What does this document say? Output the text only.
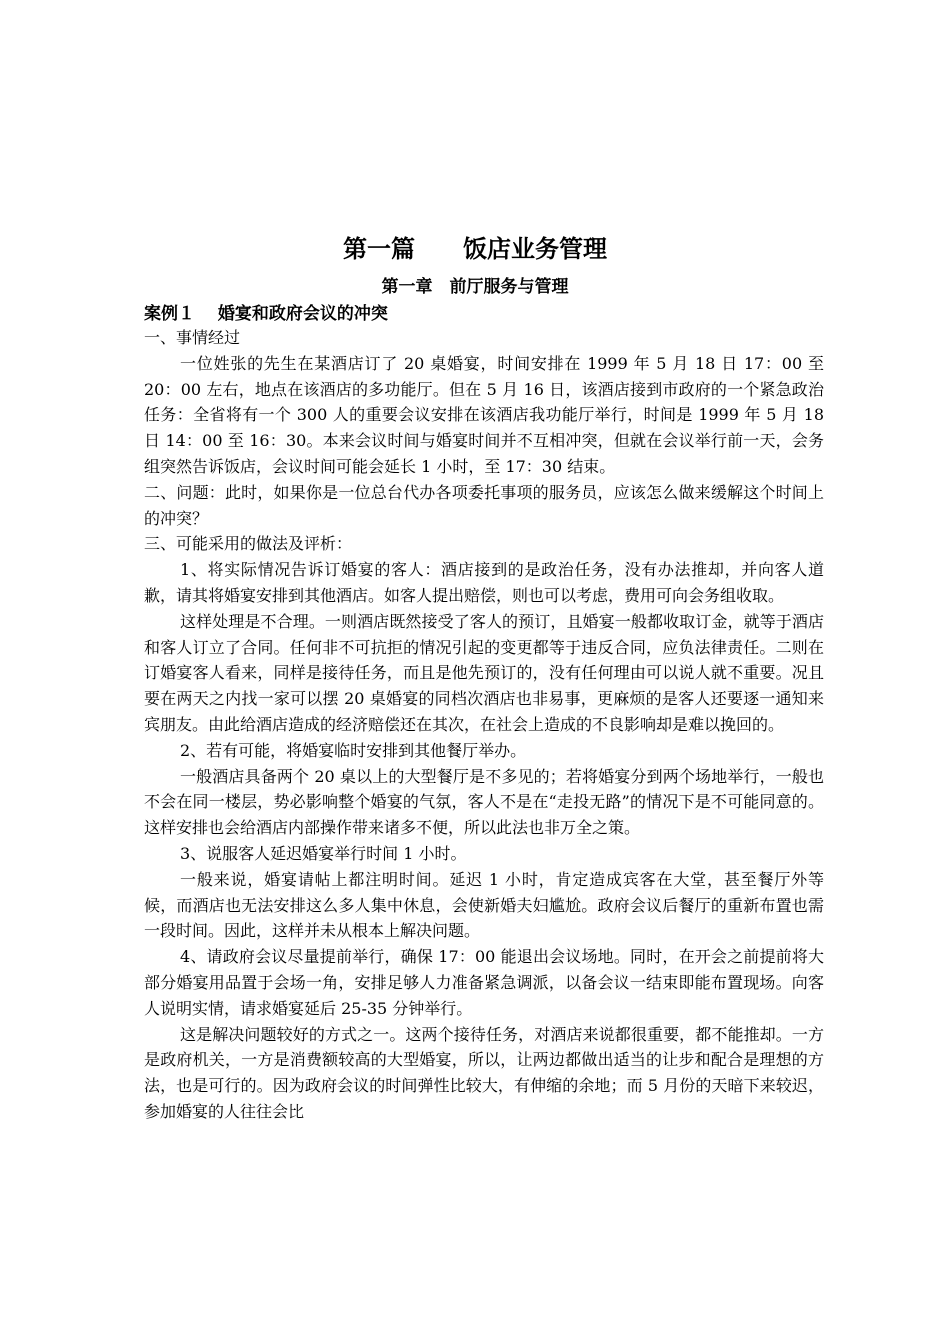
第一篇　　饭店业务管理
第一章　前厅服务与管理
案例１　 婚宴和政府会议的冲突

一、事情经过

一位姓张的先生在某酒店订了 20 桌婚宴，时间安排在 1999 年 5 月 18 日 17：00 至 20：00 左右，地点在该酒店的多功能厅。但在 5 月 16 日，该酒店接到市政府的一个紧急政治任务：全省将有一个 300 人的重要会议安排在该酒店我功能厅举行，时间是 1999 年 5 月 18 日 14：00 至 16：30。本来会议时间与婚宴时间并不互相冲突，但就在会议举行前一天，会务组突然告诉饭店，会议时间可能会延长 1 小时，至 17：30 结束。

二、问题：此时，如果你是一位总台代办各项委托事项的服务员，应该怎么做来缓解这个时间上的冲突？

三、可能采用的做法及评析：

1、将实际情况告诉订婚宴的客人：酒店接到的是政治任务，没有办法推却，并向客人道歉，请其将婚宴安排到其他酒店。如客人提出赔偿，则也可以考虑，费用可向会务组收取。

这样处理是不合理。一则酒店既然接受了客人的预订，且婚宴一般都收取订金，就等于酒店和客人订立了合同。任何非不可抗拒的情况引起的变更都等于违反合同，应负法律责任。二则在订婚宴客人看来，同样是接待任务，而且是他先预订的，没有任何理由可以说人就不重要。况且要在两天之内找一家可以摆 20 桌婚宴的同档次酒店也非易事，更麻烦的是客人还要逐一通知来宾朋友。由此给酒店造成的经济赔偿还在其次，在社会上造成的不良影响却是难以挽回的。

2、若有可能，将婚宴临时安排到其他餐厅举办。

一般酒店具备两个 20 桌以上的大型餐厅是不多见的；若将婚宴分到两个场地举行，一般也不会在同一楼层，势必影响整个婚宴的气氛，客人不是在“走投无路”的情况下是不可能同意的。这样安排也会给酒店内部操作带来诸多不便，所以此法也非万全之策。

3、说服客人延迟婚宴举行时间 1 小时。

一般来说，婚宴请帖上都注明时间。延迟 1 小时，肯定造成宾客在大堂，甚至餐厅外等候，而酒店也无法安排这么多人集中休息，会使新婚夫妇尴尬。政府会议后餐厅的重新布置也需一段时间。因此，这样并未从根本上解决问题。

4、请政府会议尽量提前举行，确保 17：00 能退出会议场地。同时，在开会之前提前将大部分婚宴用品置于会场一角，安排足够人力准备紧急调派，以备会议一结束即能布置现场。向客人说明实情，请求婚宴延后 25-35 分钟举行。

这是解决问题较好的方式之一。这两个接待任务，对酒店来说都很重要，都不能推却。一方是政府机关，一方是消费额较高的大型婚宴，所以，让两边都做出适当的让步和配合是理想的方法，也是可行的。因为政府会议的时间弹性比较大，有伸缩的余地；而 5 月份的天暗下来较迟，参加婚宴的人往往会比
